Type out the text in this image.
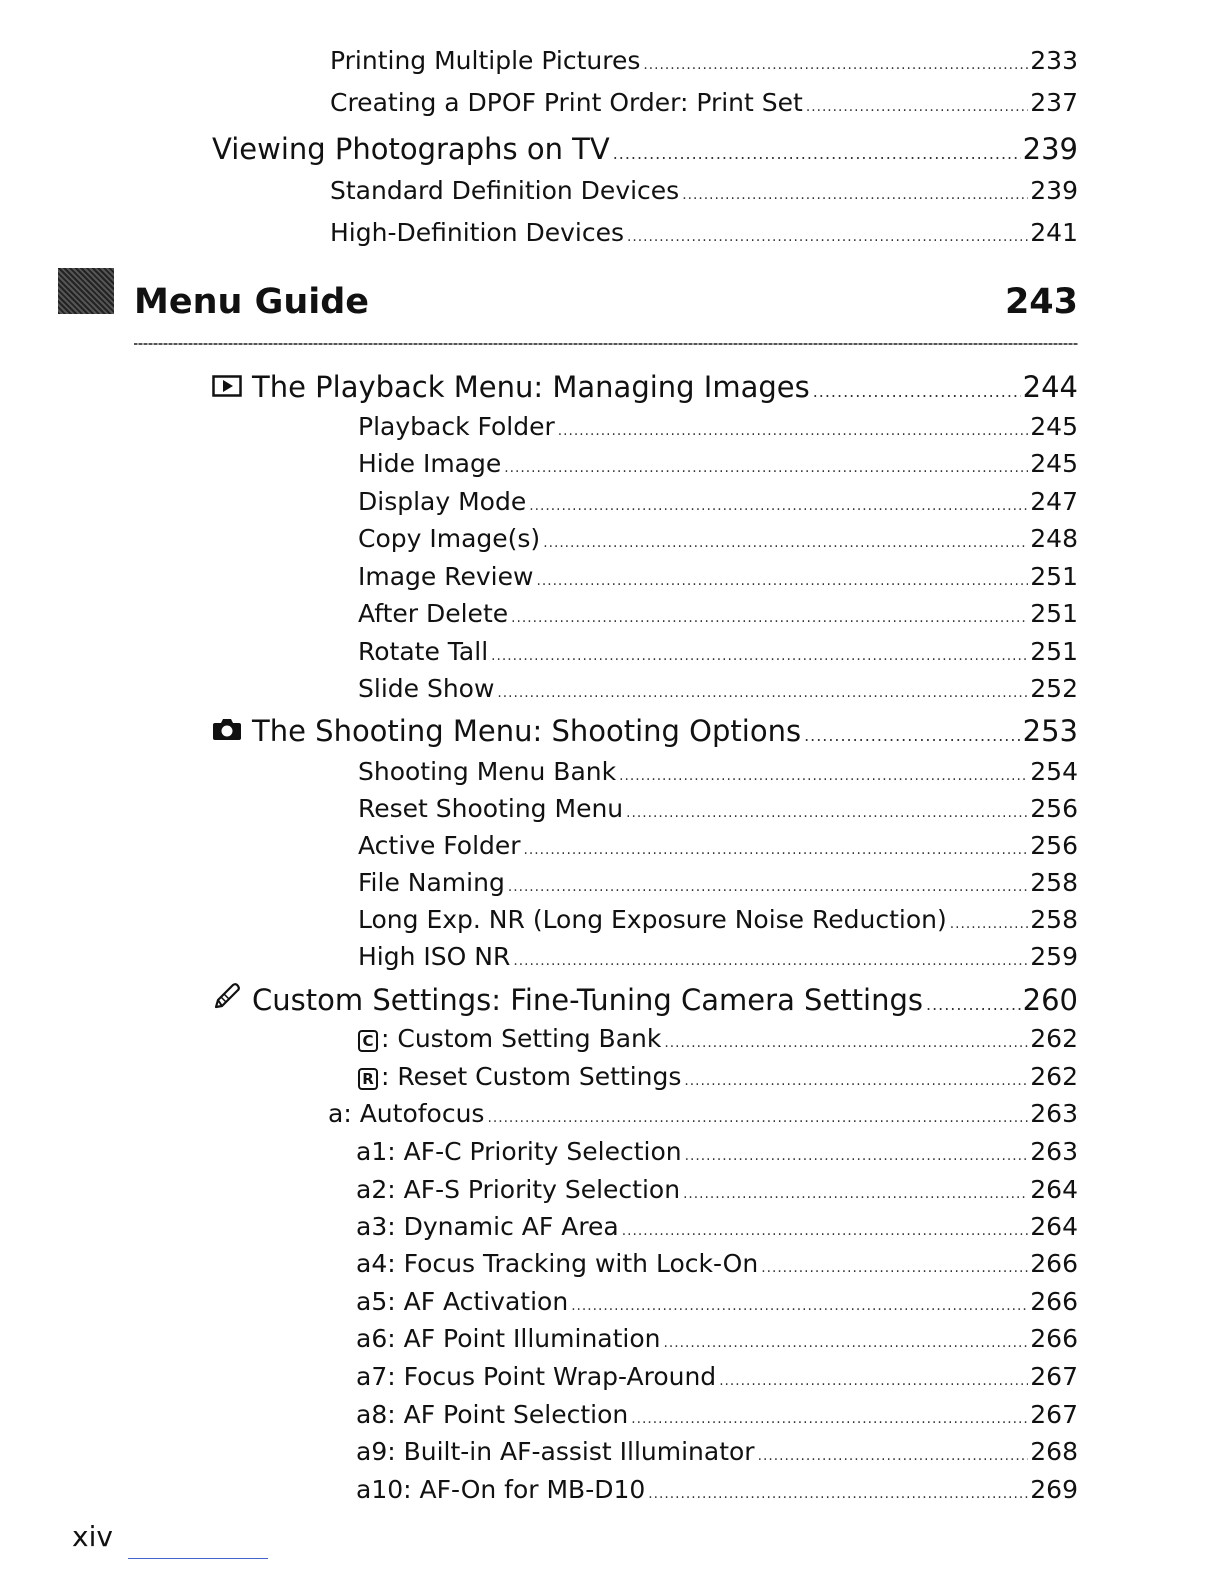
Printing Multiple Pictures .....	233
Creating a DPOF Print Order: Print Set .....	237
Viewing Photographs on TV .....	239
Standard Definition Devices .....	239
High-Definition Devices .....	241
Menu Guide	243
The Playback Menu: Managing Images .....	244
Playback Folder .....	245
Hide Image .....	245
Display Mode .....	247
Copy Image(s) .....	248
Image Review .....	251
After Delete .....	251
Rotate Tall .....	251
Slide Show .....	252
The Shooting Menu: Shooting Options .....	253
Shooting Menu Bank .....	254
Reset Shooting Menu .....	256
Active Folder .....	256
File Naming .....	258
Long Exp. NR (Long Exposure Noise Reduction) .....	258
High ISO NR .....	259
Custom Settings: Fine-Tuning Camera Settings .....	260
C : Custom Setting Bank .....	262
R : Reset Custom Settings .....	262
a: Autofocus .....	263
a1: AF-C Priority Selection .....	263
a2: AF-S Priority Selection .....	264
a3: Dynamic AF Area .....	264
a4: Focus Tracking with Lock-On .....	266
a5: AF Activation .....	266
a6: AF Point Illumination .....	266
a7: Focus Point Wrap-Around .....	267
a8: AF Point Selection .....	267
a9: Built-in AF-assist Illuminator .....	268
a10: AF-On for MB-D10 .....	269
xiv
